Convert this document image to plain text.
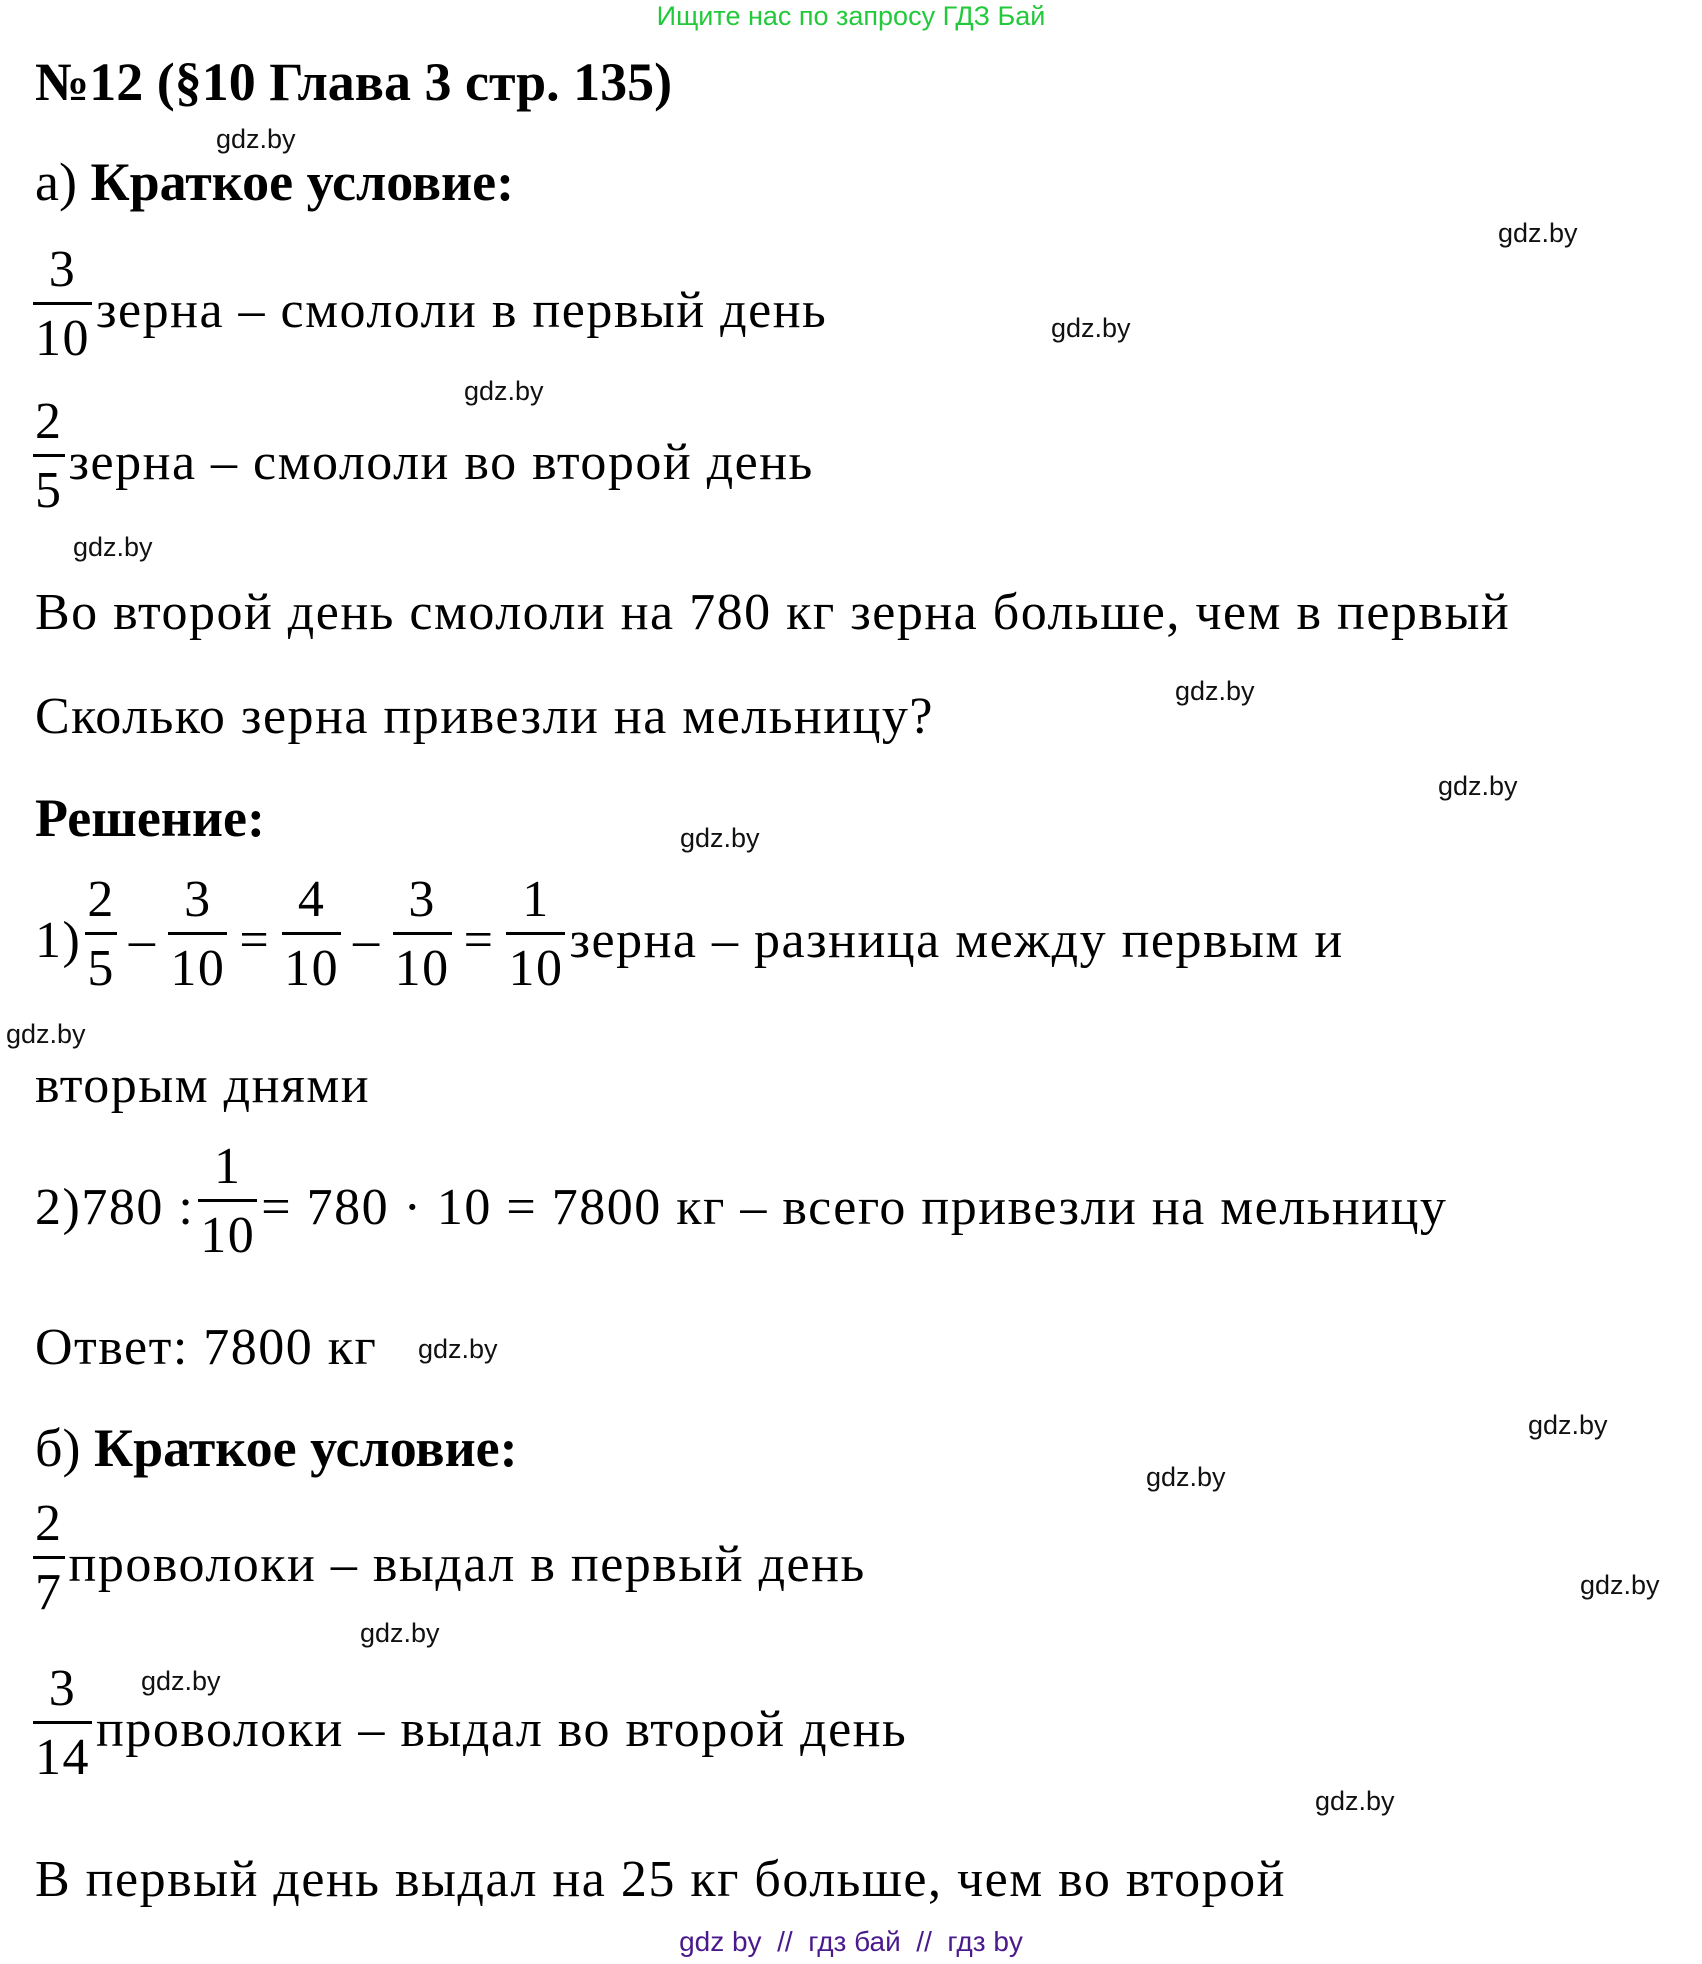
Ищите нас по запросу ГДЗ Бай
№12 (§10 Глава 3 стр. 135)
а) Краткое условие:
$\frac{3}{10}$ зерна – смололи в первый день
$\frac{2}{5}$ зерна – смололи во второй день
Во второй день смололи на 780 кг зерна больше, чем в первый
Сколько зерна привезли на мельницу?
Решение:
$1) \frac{2}{5} - \frac{3}{10} = \frac{4}{10} - \frac{3}{10} = \frac{1}{10}$ зерна – разница между первым и
вторым днями
2) 780 : $\frac{1}{10} = 780 \cdot 10 = 7800$ кг – всего привезли на мельницу
Ответ: 7800 кг
б) Краткое условие:
$\frac{2}{7}$ проволоки – выдал в первый день
$\frac{3}{14}$ проволоки – выдал во второй день
В первый день выдал на 25 кг больше, чем во второй
gdz.by
gdz.by
gdz.by
gdz.by
gdz.by
gdz.by
gdz.by
gdz.by
gdz.by
gdz.by
gdz.by
gdz.by
gdz.by
gdz.by
gdz.by
gdz.by
gdz by  //  гдз бай  //  гдз by
